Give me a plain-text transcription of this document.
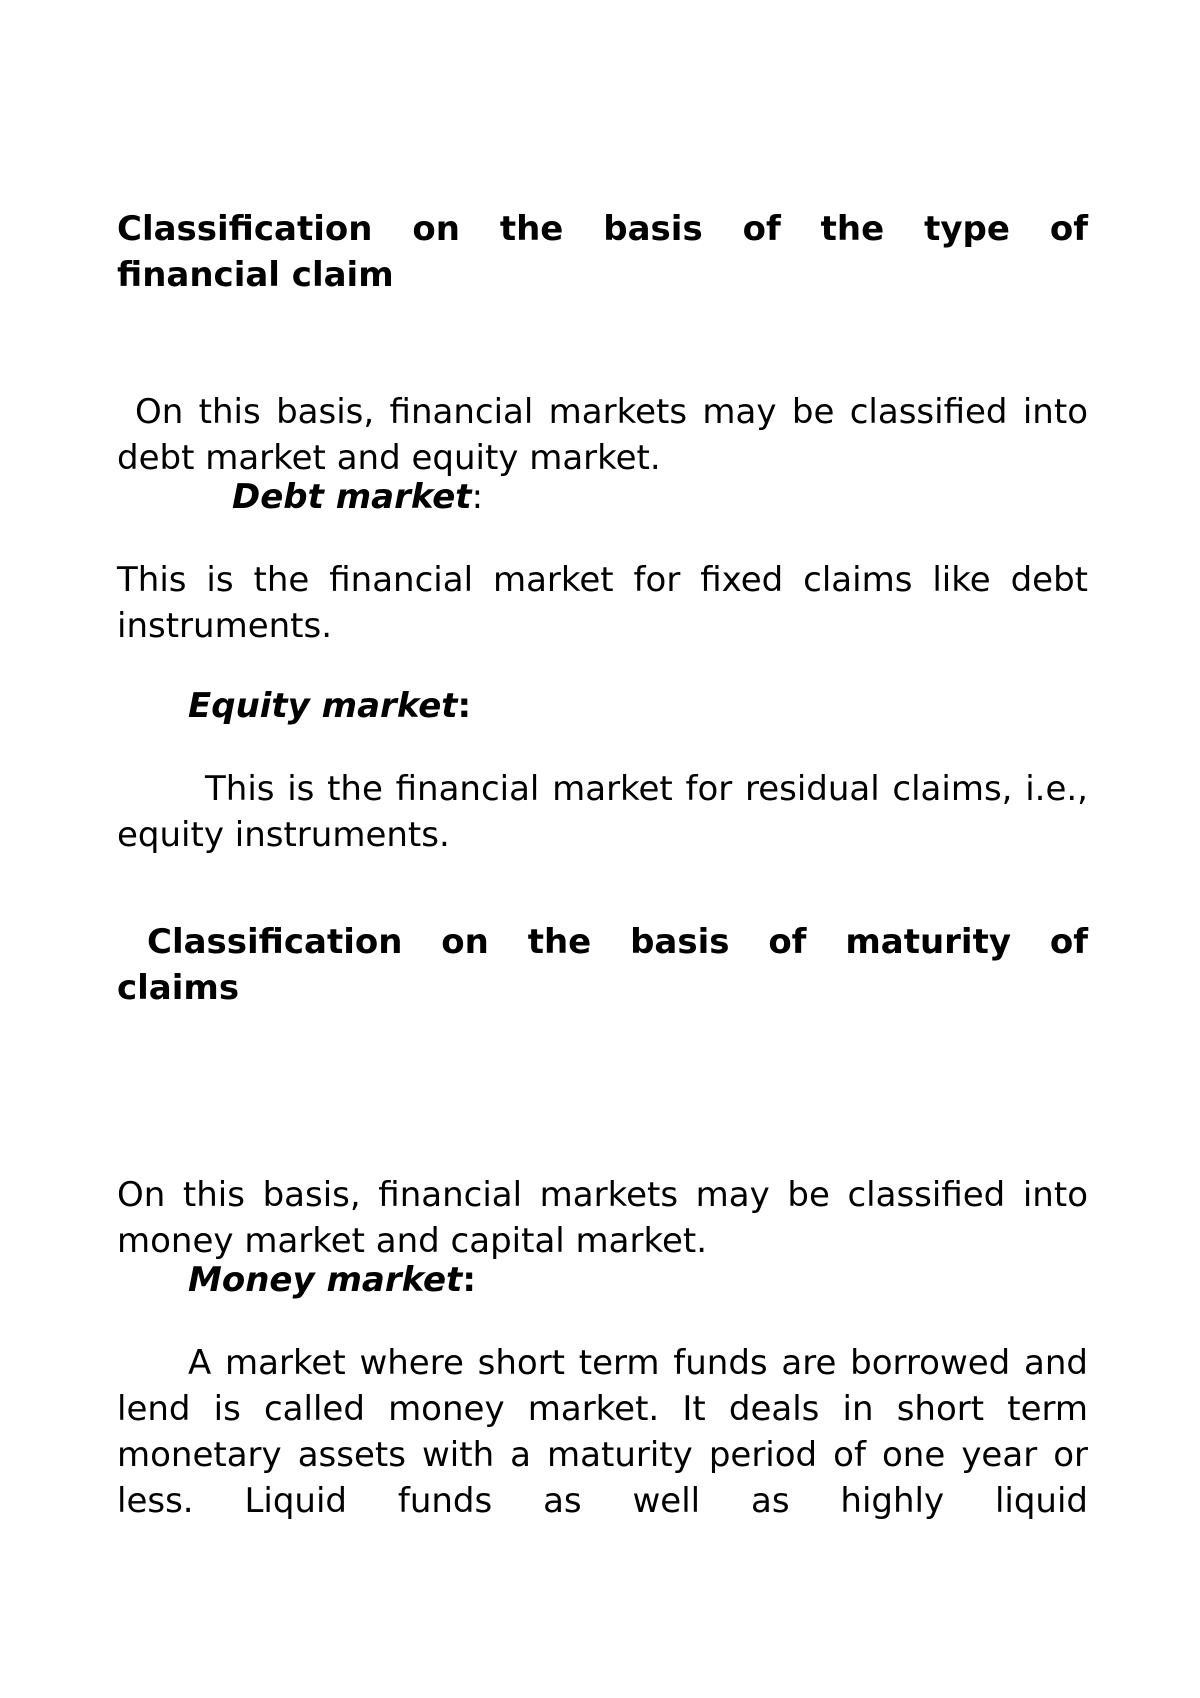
Classification on the basis of the type of
financial claim

On this basis, financial markets may be classified into debt market and equity market.

Debt market:

This is the financial market for fixed claims like debt instruments.

Equity market:

This is the financial market for residual claims, i.e., equity instruments.

Classification on the basis of maturity of
claims

On this basis, financial markets may be classified into money market and capital market.

Money market:

A market where short term funds are borrowed and lend is called money market. It deals in short term monetary assets with a maturity period of one year or less. Liquid funds as well as highly liquid
